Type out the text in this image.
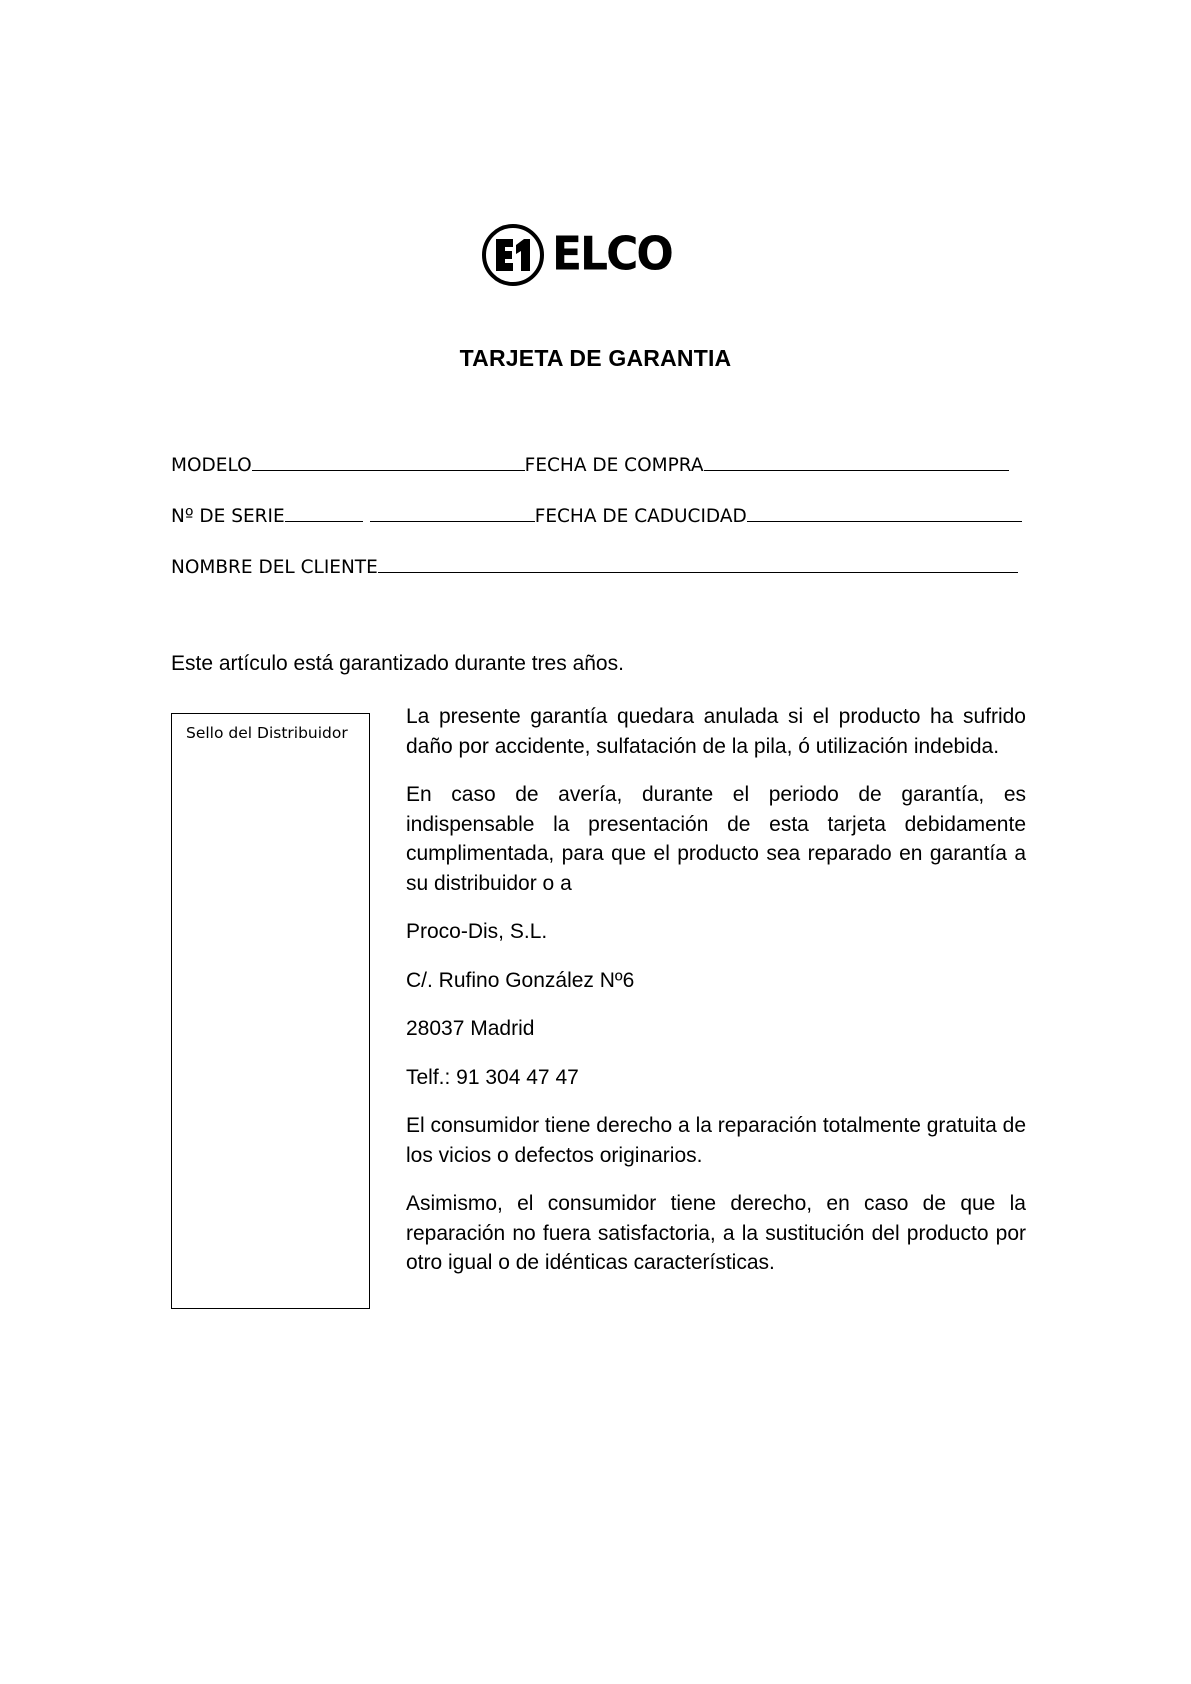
ELCO
TARJETA DE GARANTIA
MODELO	FECHA DE COMPRA
Nº DE SERIE	FECHA DE CADUCIDAD
NOMBRE DEL CLIENTE
Este artículo está garantizado durante tres años.
Sello del Distribuidor

La presente garantía quedara anulada si el producto ha sufrido daño por accidente, sulfatación de la pila, ó utilización indebida.

En caso de avería, durante el periodo de garantía, es indispensable la presentación de esta tarjeta debidamente cumplimentada, para que el producto sea reparado en garantía a su distribuidor o a

Proco-Dis, S.L.

C/. Rufino González Nº6

28037 Madrid

Telf.: 91 304 47 47

El consumidor tiene derecho a la reparación totalmente gratuita de los vicios o defectos originarios.

Asimismo, el consumidor tiene derecho, en caso de que la reparación no fuera satisfactoria, a la sustitución del producto por otro igual o de idénticas características.
